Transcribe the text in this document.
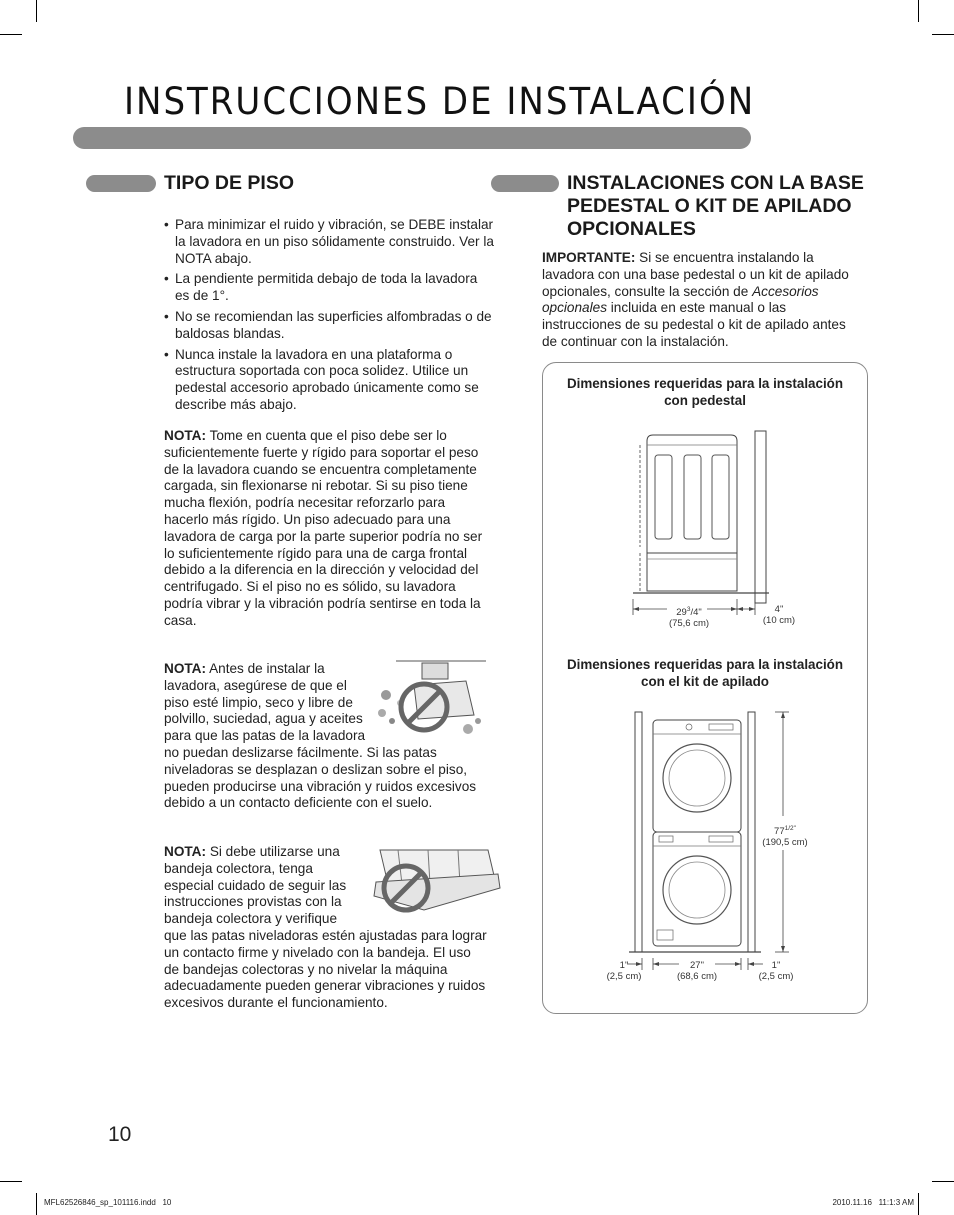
INSTRUCCIONES DE INSTALACIÓN
TIPO DE PISO
• Para minimizar el ruido y vibración, se DEBE instalar la lavadora en un piso sólidamente construido. Ver la NOTA abajo.
• La pendiente permitida debajo de toda la lavadora es de 1°.
• No se recomiendan las superficies alfombradas o de baldosas blandas.
• Nunca instale la lavadora en una plataforma o estructura soportada con poca solidez. Utilice un pedestal accesorio aprobado únicamente como se describe más abajo.

NOTA: Tome en cuenta que el piso debe ser lo suficientemente fuerte y rígido para soportar el peso de la lavadora cuando se encuentra completamente cargada, sin flexionarse ni rebotar. Si su piso tiene mucha flexión, podría necesitar reforzarlo para hacerlo más rígido. Un piso adecuado para una lavadora de carga por la parte superior podría no ser lo suficientemente rígido para una de carga frontal debido a la diferencia en la dirección y velocidad del centrifugado. Si el piso no es sólido, su lavadora podría vibrar y la vibración podría sentirse en toda la casa.

NOTA: Antes de instalar la lavadora, asegúrese de que el piso esté limpio, seco y libre de polvillo, suciedad, agua y aceites para que las patas de la lavadora no puedan deslizarse fácilmente. Si las patas niveladoras se desplazan o deslizan sobre el piso, pueden producirse una vibración y ruidos excesivos debido a un contacto deficiente con el suelo.

NOTA: Si debe utilizarse una bandeja colectora, tenga especial cuidado de seguir las instrucciones provistas con la bandeja colectora y verifique que las patas niveladoras estén ajustadas para lograr un contacto firme y nivelado con la bandeja. El uso de bandejas colectoras y no nivelar la máquina adecuadamente pueden generar vibraciones y ruidos excesivos durante el funcionamiento.

INSTALACIONES CON LA BASE
PEDESTAL O KIT DE APILADO
OPCIONALES

IMPORTANTE: Si se encuentra instalando la lavadora con una base pedestal o un kit de apilado opcionales, consulte la sección de Accesorios opcionales incluida en este manual o las instrucciones de su pedestal o kit de apilado antes de continuar con la instalación.

Dimensiones requeridas para la instalación con pedestal

$29^3/4$"
(75,6 cm)
4"
(10 cm)

Dimensiones requeridas para la instalación con el kit de apilado

$77^{1/2"}$
(190,5 cm)
1"
(2,5 cm)
27"
(68,6 cm)
1"
(2,5 cm)
10
MFL62526846_sp_101116.indd   10	2010.11.16   11:1:3 AM
